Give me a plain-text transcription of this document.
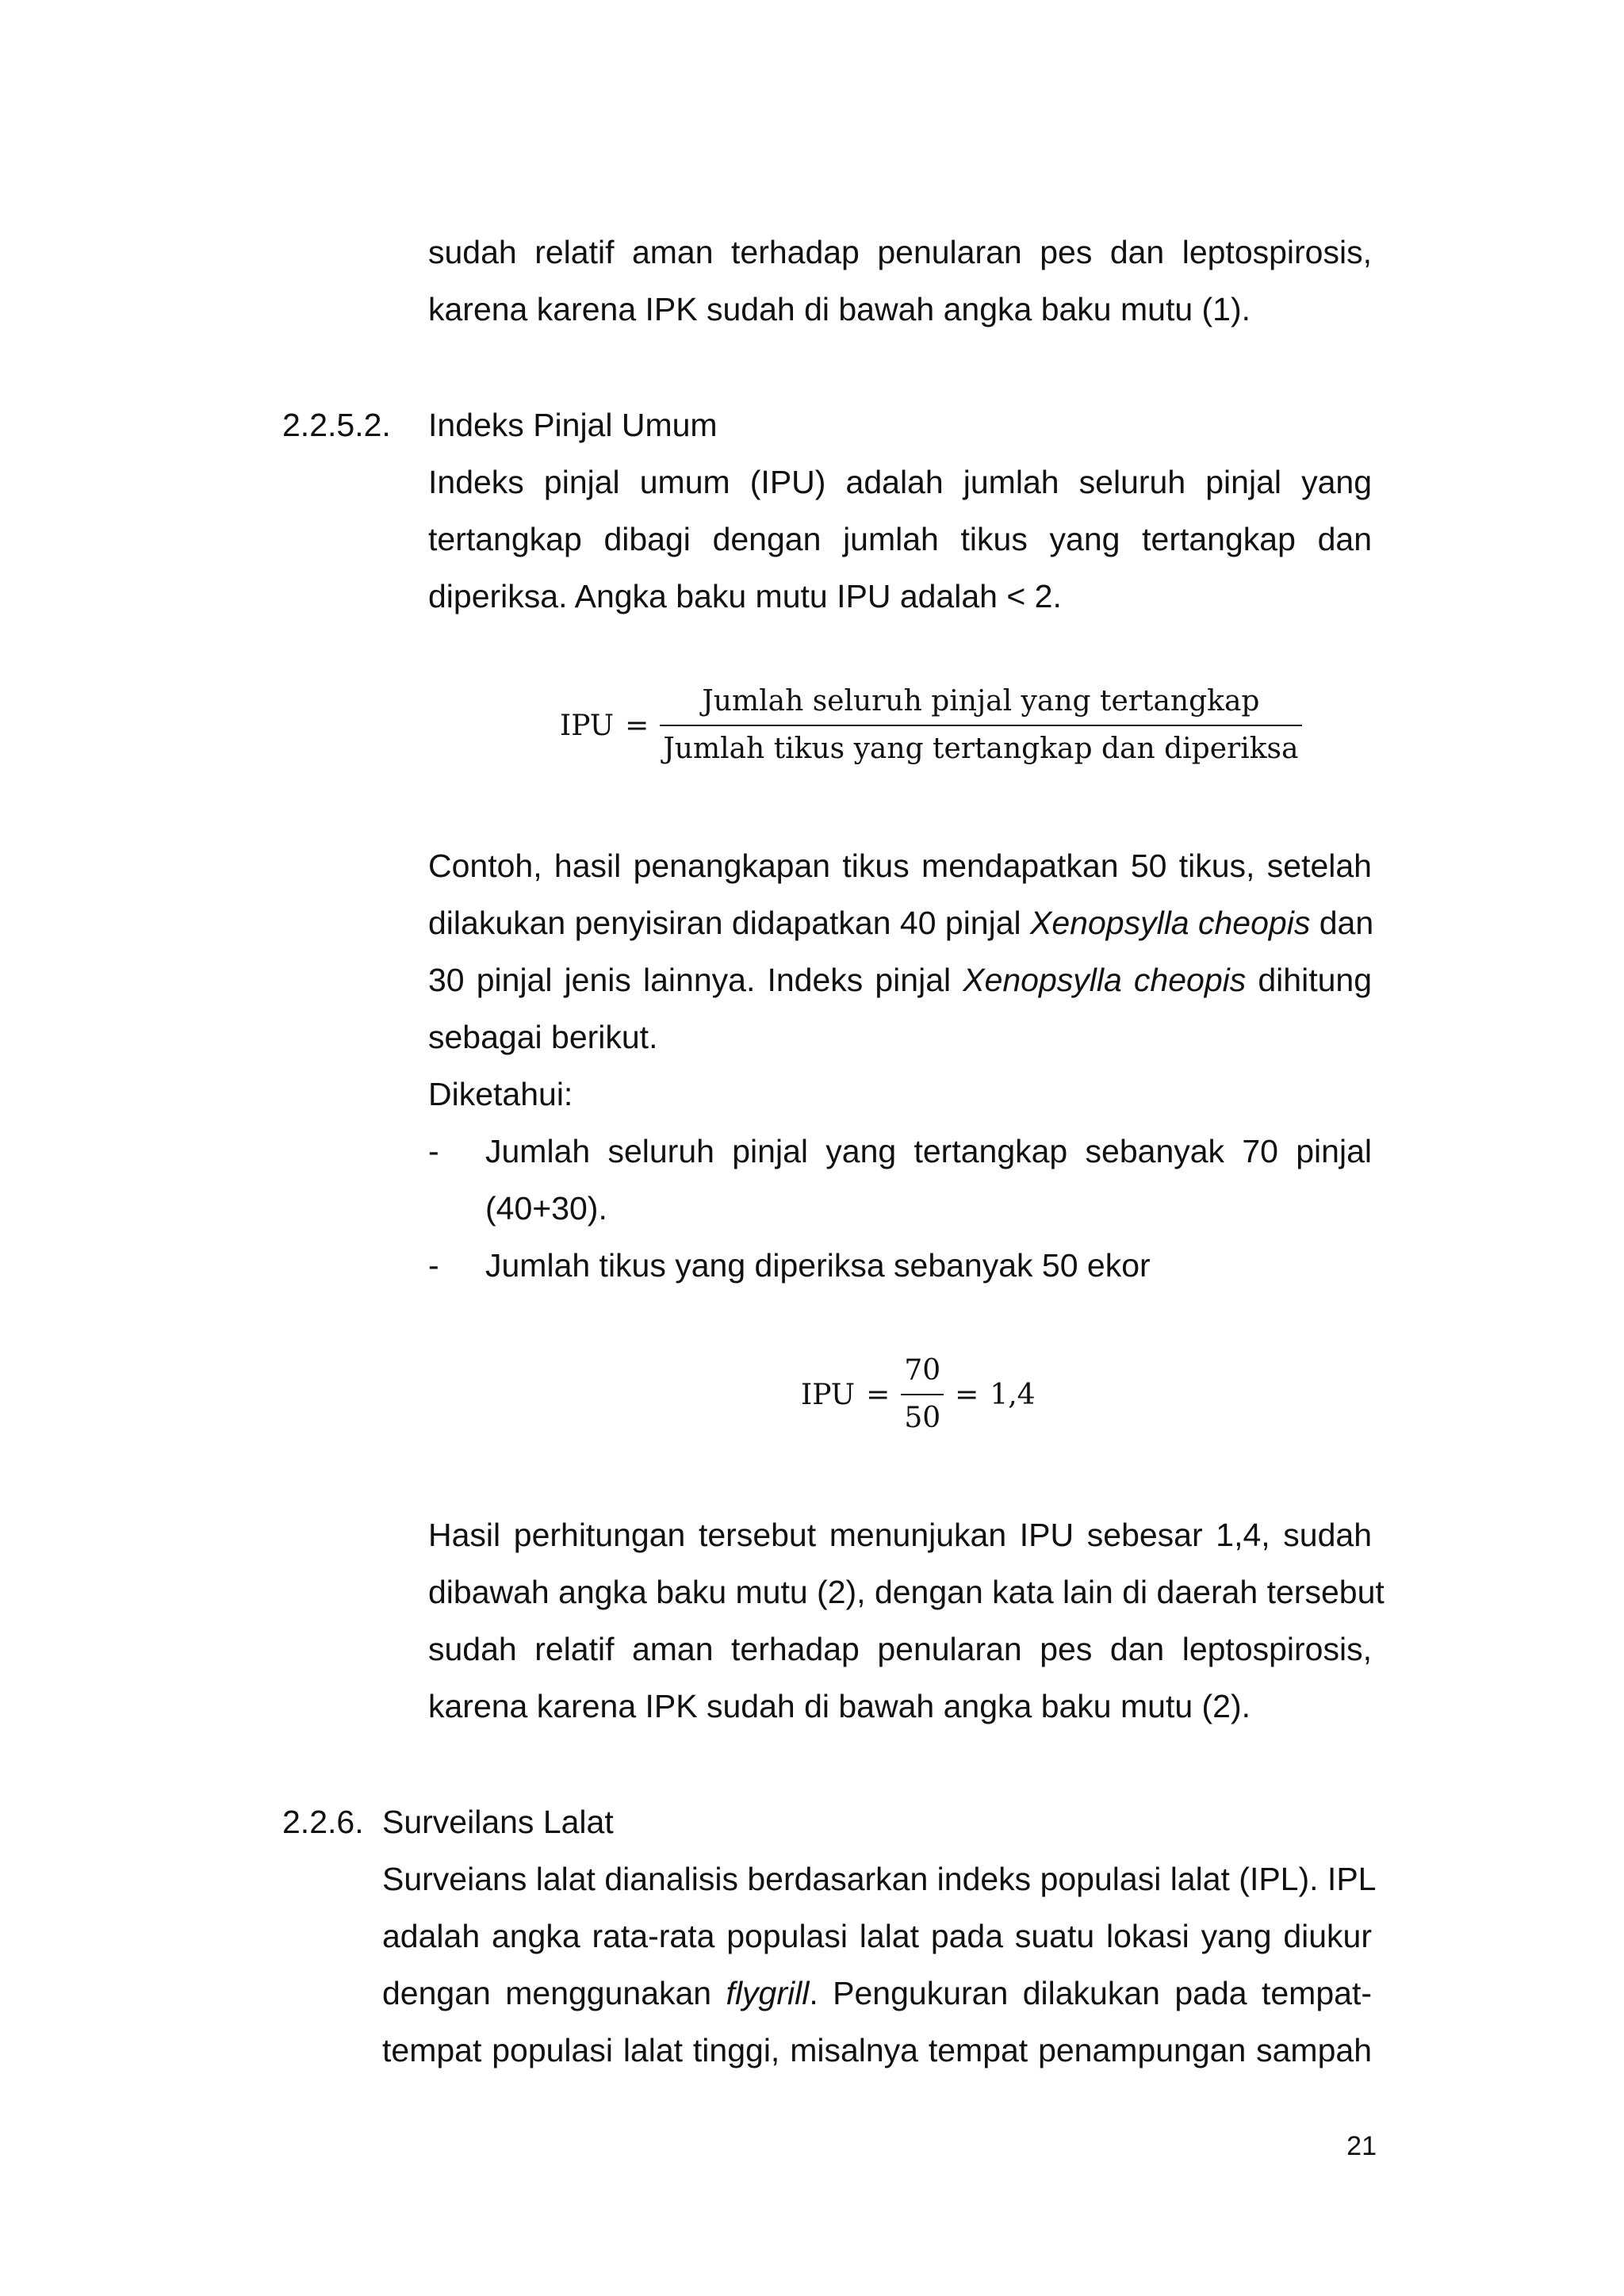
sudah relatif aman terhadap penularan pes dan leptospirosis,
karena karena IPK sudah di bawah angka baku mutu (1).
2.2.5.2. Indeks Pinjal Umum
Indeks pinjal umum (IPU) adalah jumlah seluruh pinjal yang
tertangkap dibagi dengan jumlah tikus yang tertangkap dan
diperiksa. Angka baku mutu IPU adalah < 2.
IPU = $\frac{\text{Jumlah seluruh pinjal yang tertangkap}}{\text{Jumlah tikus yang tertangkap dan diperiksa}}$
Contoh, hasil penangkapan tikus mendapatkan 50 tikus, setelah
dilakukan penyisiran didapatkan 40 pinjal Xenopsylla cheopis dan
30 pinjal jenis lainnya. Indeks pinjal Xenopsylla cheopis dihitung
sebagai berikut.
Diketahui:
- Jumlah seluruh pinjal yang tertangkap sebanyak 70 pinjal
(40+30).
- Jumlah tikus yang diperiksa sebanyak 50 ekor
IPU = $\frac{70}{50} = 1,4$
Hasil perhitungan tersebut menunjukan IPU sebesar 1,4, sudah
dibawah angka baku mutu (2), dengan kata lain di daerah tersebut
sudah relatif aman terhadap penularan pes dan leptospirosis,
karena karena IPK sudah di bawah angka baku mutu (2).
2.2.6. Surveilans Lalat
Surveians lalat dianalisis berdasarkan indeks populasi lalat (IPL). IPL
adalah angka rata-rata populasi lalat pada suatu lokasi yang diukur
dengan menggunakan flygrill. Pengukuran dilakukan pada tempat-
tempat populasi lalat tinggi, misalnya tempat penampungan sampah
21
